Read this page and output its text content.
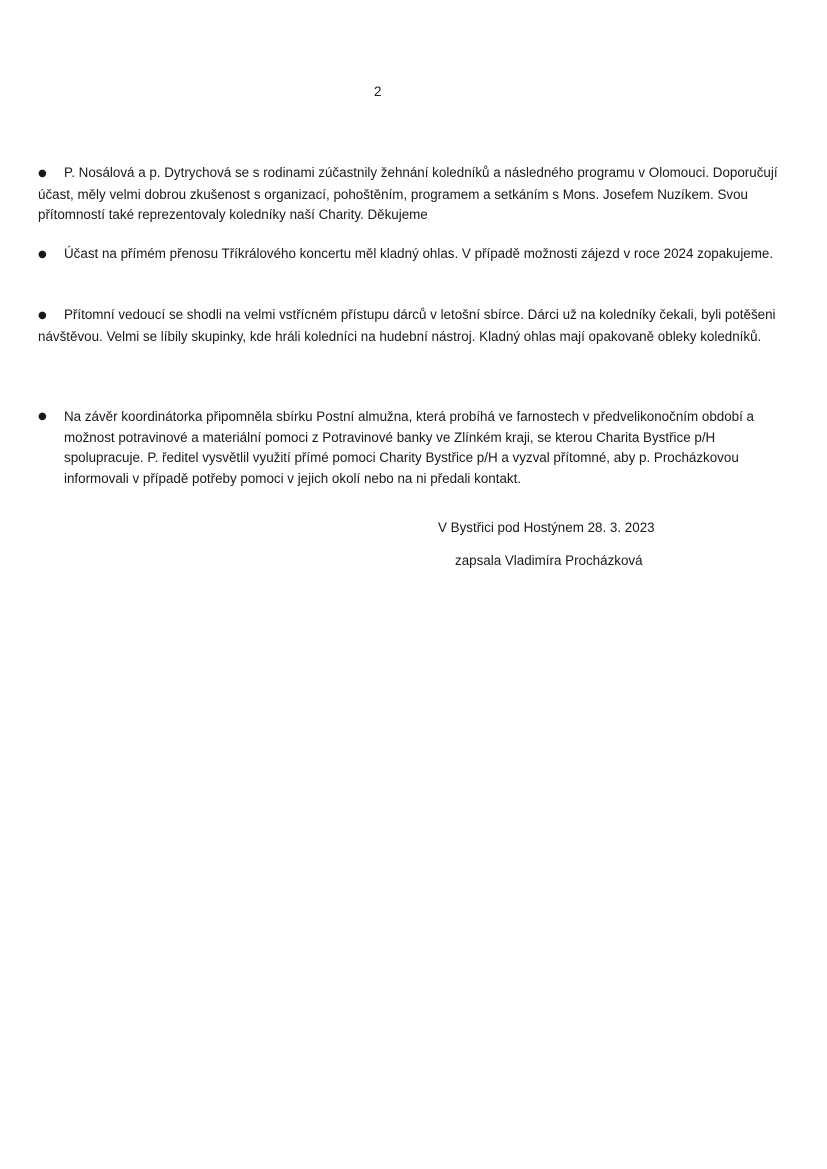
2

● P. Nosálová a p. Dytrychová se s rodinami zúčastnily žehnání koledníků a následného programu v Olomouci. Doporučují účast, měly velmi dobrou zkušenost s organizací, pohoštěním, programem a setkáním s Mons. Josefem Nuzíkem. Svou přítomností také reprezentovaly koledníky naší Charity. Děkujeme

● Účast na přímém přenosu Tříkrálového koncertu měl kladný ohlas. V případě možnosti zájezd v roce 2024 zopakujeme.

● Přítomní vedoucí se shodli na velmi vstřícném přístupu dárců v letošní sbírce. Dárci už na koledníky čekali, byli potěšeni návštěvou. Velmi se líbily skupinky, kde hráli koledníci na hudební nástroj. Kladný ohlas mají opakovaně obleky koledníků.

●	Na závěr koordinátorka připomněla sbírku Postní almužna, která probíhá ve farnostech v předvelikonočním období a možnost potravinové a materiální pomoci z Potravinové banky ve Zlínkém kraji, se kterou Charita Bystřice p/H spolupracuje. P. ředitel vysvětlil využití přímé pomoci Charity Bystřice p/H a vyzval přítomné, aby p. Procházkovou informovali v případě potřeby pomoci v jejich okolí nebo na ni předali kontakt.

V Bystřici pod Hostýnem 28. 3. 2023
zapsala Vladimíra Procházková
